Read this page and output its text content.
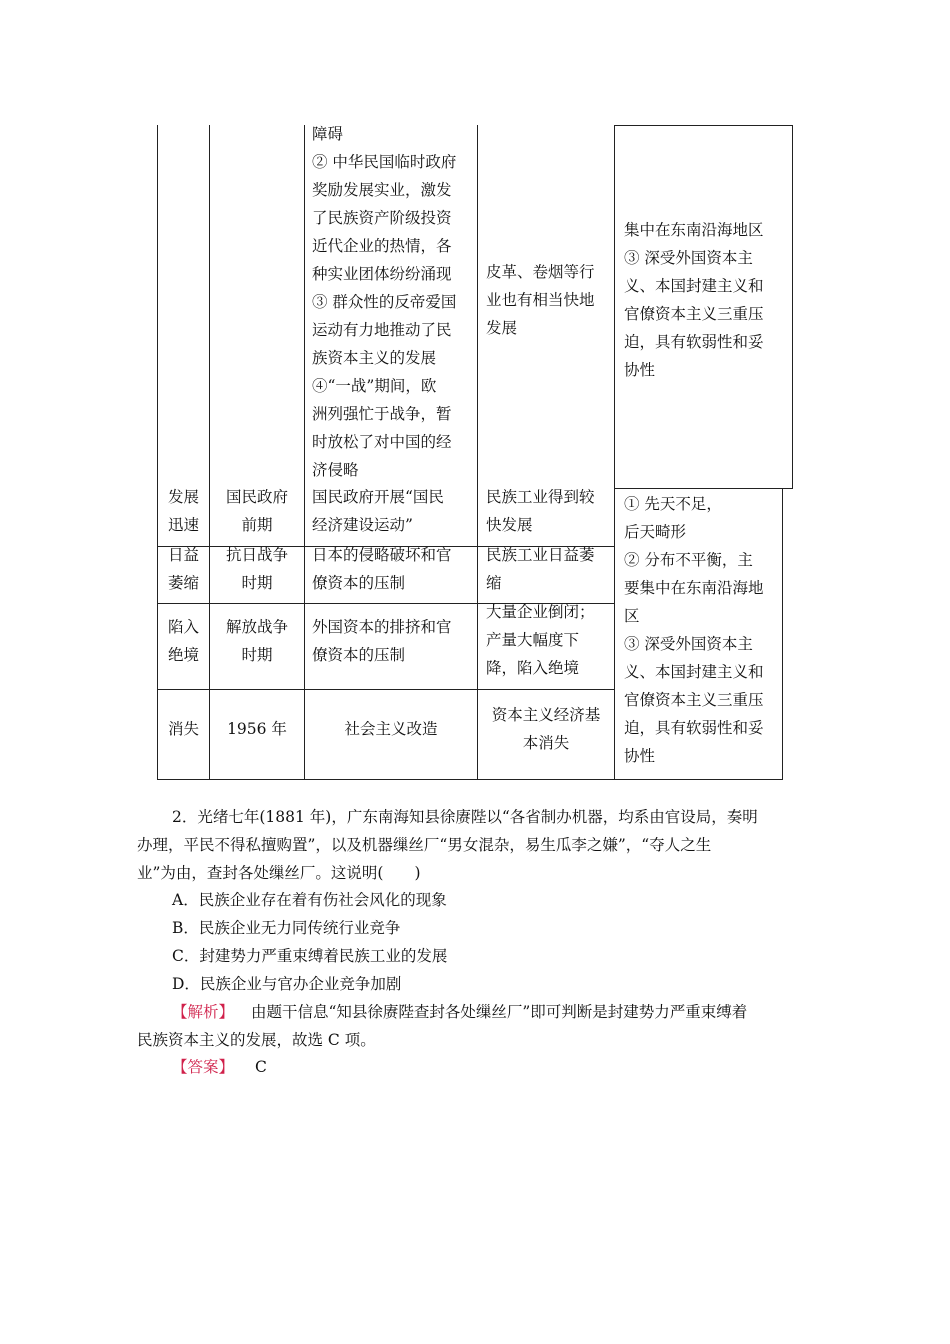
障碍

② 中华民国临时政府

奖励发展实业，激发

了民族资产阶级投资

近代企业的热情，各

种实业团体纷纷涌现

③ 群众性的反帝爱国

运动有力地推动了民

族资本主义的发展

④“一战”期间，欧

洲列强忙于战争，暂

时放松了对中国的经

济侵略

皮革、卷烟等行

业也有相当快地

发展

集中在东南沿海地区

③ 深受外国资本主

义、本国封建主义和

官僚资本主义三重压

迫，具有软弱性和妥

协性

发展

迅速

国民政府

前期

国民政府开展“国民

经济建设运动”

民族工业得到较

快发展

日益

萎缩

抗日战争

时期

日本的侵略破坏和官

僚资本的压制

民族工业日益萎

缩

陷入

绝境

解放战争

时期

外国资本的排挤和官

僚资本的压制

大量企业倒闭；

产量大幅度下

降，陷入绝境

消失	1956 年	社会主义改造

资本主义经济基

本消失

① 先天不足，

后天畸形

② 分布不平衡，主

要集中在东南沿海地

区

③ 深受外国资本主

义、本国封建主义和

官僚资本主义三重压

迫，具有软弱性和妥

协性

2．光绪七年(1881 年)，广东南海知县徐赓陛以“各省制办机器，均系由官设局，奏明
办理，平民不得私擅购置”，以及机器缫丝厂“男女混杂，易生瓜李之嫌”，“夺人之生
业”为由，查封各处缫丝厂。这说明(　　)
A．民族企业存在着有伤社会风化的现象
B．民族企业无力同传统行业竞争
C．封建势力严重束缚着民族工业的发展
D．民族企业与官办企业竞争加剧
【解析】 由题干信息“知县徐赓陛查封各处缫丝厂”即可判断是封建势力严重束缚着
民族资本主义的发展，故选 C 项。
【答案】 C
